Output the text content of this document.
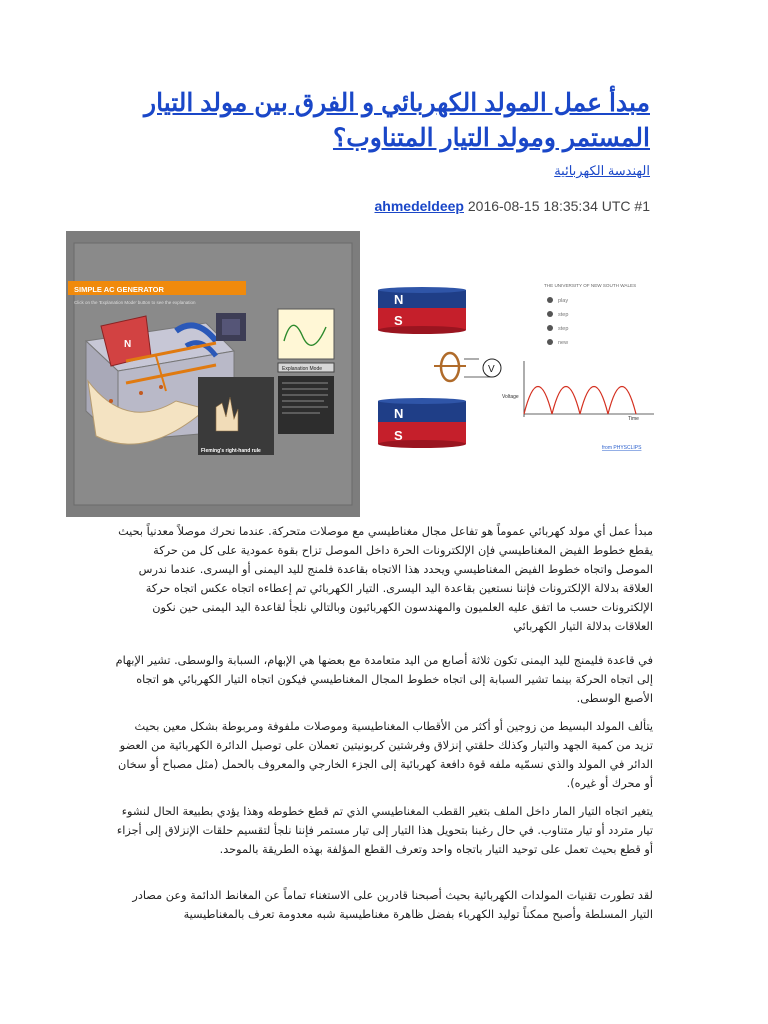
مبدأ عمل المولد الكهربائي و الفرق بين مولد التيار المستمر ومولد التيار المتناوب؟
الهندسة الكهربائية
ahmedeldeep 2016-08-15 18:35:34 UTC #1
SIMPLE AC GENERATOR
Click on the 'Explanation Mode' button to see the explanation
N
Explanation Mode
Fleming's right-hand rule
N
S
V
N
S
THE UNIVERSITY OF NEW SOUTH WALES
play
step
step
new
Voltage
Time
from PHYSCLIPS

مبدأ عمل أي مولد كهربائي عموماً هو تفاعل مجال مغناطيسي مع موصلات متحركة. عندما نحرك موصلاً معدنياً بحيث يقطع خطوط الفيض المغناطيسي فإن الإلكترونات الحرة داخل الموصل تزاح بقوة عمودية على كل من حركة الموصل واتجاه خطوط الفيض المغناطيسي ويحدد هذا الاتجاه بقاعدة فلمنج لليد اليمنى أو اليسرى. عندما ندرس العلاقة بدلالة الإلكترونات فإننا نستعين بقاعدة اليد اليسرى. التيار الكهربائي تم إعطاءه اتجاه عكس اتجاه حركة الإلكترونات حسب ما اتفق عليه العلميون والمهندسون الكهربائيون وبالتالي نلجأ لقاعدة اليد اليمنى حين نكون العلاقات بدلالة التيار الكهربائي

في قاعدة فليمنج لليد اليمنى تكون ثلاثة أصابع من اليد متعامدة مع بعضها هي الإبهام، السبابة والوسطى. تشير الإبهام إلى اتجاه الحركة بينما تشير السبابة إلى اتجاه خطوط المجال المغناطيسي فيكون اتجاه التيار الكهربائي هو اتجاه الأصبع الوسطى.

يتألف المولد البسيط من زوجين أو أكثر من الأقطاب المغناطيسية وموصلات ملفوفة ومربوطة بشكل معين بحيث تزيد من كمية الجهد والتيار وكذلك حلقتي إنزلاق وفرشتين كربونيتين تعملان على توصيل الدائرة الكهربائية من العضو الدائر في المولد والذي نسمّيه ملفه قوة دافعة كهربائية إلى الجزء الخارجي والمعروف بالحمل (مثل مصباح أو سخان أو محرك أو غيره).

يتغير اتجاه التيار المار داخل الملف بتغير القطب المغناطيسي الذي تم قطع خطوطه وهذا يؤدي بطبيعة الحال لنشوء تيار متردد أو تيار متناوب. في حال رغبنا بتحويل هذا التيار إلى تيار مستمر فإننا نلجأ لتقسيم حلقات الإنزلاق إلى أجزاء أو قطع بحيث تعمل على توحيد التيار باتجاه واحد وتعرف القطع المؤلفة بهذه الطريقة بالموحد.

لقد تطورت تقنيات المولدات الكهربائية بحيث أصبحنا قادرين على الاستغناء تماماً عن المغانط الدائمة وعن مصادر التيار المسلطة وأصبح ممكناً توليد الكهرباء بفضل ظاهرة مغناطيسية شبه معدومة تعرف بالمغناطيسية
